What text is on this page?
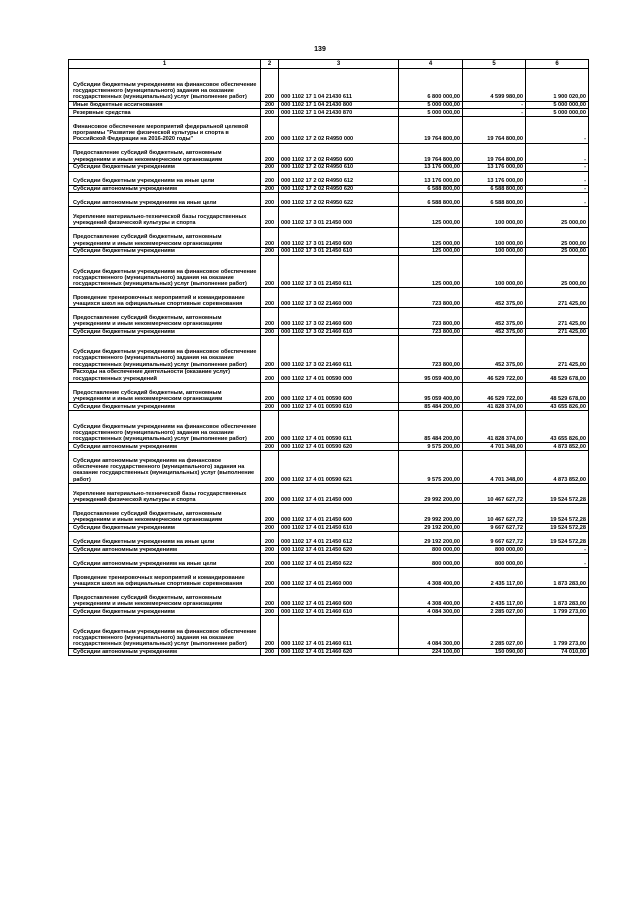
139
1	2	3	4	5	6
Субсидии бюджетным учреждениям на финансовое обеспечение государственного (муниципального) задания на оказание государственных (муниципальных) услуг (выполнение работ)	200	000 1102 17 1 04 21430 611	6 800 000,00	4 599 980,00	1 900 020,00
Иные бюджетные ассигнования	200	000 1102 17 1 04 21430 800	5 000 000,00	-	5 000 000,00
Резервные средства	200	000 1102 17 1 04 21430 870	5 000 000,00	-	5 000 000,00
Финансовое обеспечение мероприятий федеральной целевой программы "Развитие физической культуры и спорта в Российской Федерации на 2016-2020 годы"	200	000 1102 17 2 02 R4950 000	19 764 800,00	19 764 800,00	-
Предоставление субсидий бюджетным, автономным учреждениям и иным некоммерческим организациям	200	000 1102 17 2 02 R4950 600	19 764 800,00	19 764 800,00	-
Субсидии бюджетным учреждениям	200	000 1102 17 2 02 R4950 610	13 176 000,00	13 176 000,00	-
Субсидии бюджетным учреждениям на иные цели	200	000 1102 17 2 02 R4950 612	13 176 000,00	13 176 000,00	-
Субсидии автономным учреждениям	200	000 1102 17 2 02 R4950 620	6 588 800,00	6 588 800,00	-
Субсидии автономным учреждениям на иные цели	200	000 1102 17 2 02 R4950 622	6 588 800,00	6 588 800,00	-
Укрепление материально-технической базы государственных учреждений физической культуры и спорта	200	000 1102 17 3 01 21450 000	125 000,00	100 000,00	25 000,00
Предоставление субсидий бюджетным, автономным учреждениям и иным некоммерческим организациям	200	000 1102 17 3 01 21450 600	125 000,00	100 000,00	25 000,00
Субсидии бюджетным учреждениям	200	000 1102 17 3 01 21450 610	125 000,00	100 000,00	25 000,00
Субсидии бюджетным учреждениям на финансовое обеспечение государственного (муниципального) задания на оказание государственных (муниципальных) услуг (выполнение работ)	200	000 1102 17 3 01 21450 611	125 000,00	100 000,00	25 000,00
Проведение тренировочных мероприятий и командирование учащихся школ на официальные спортивные соревнования	200	000 1102 17 3 02 21460 000	723 800,00	452 375,00	271 425,00
Предоставление субсидий бюджетным, автономным учреждениям и иным некоммерческим организациям	200	000 1102 17 3 02 21460 600	723 800,00	452 375,00	271 425,00
Субсидии бюджетным учреждениям	200	000 1102 17 3 02 21460 610	723 800,00	452 375,00	271 425,00
Субсидии бюджетным учреждениям на финансовое обеспечение государственного (муниципального) задания на оказание государственных (муниципальных) услуг (выполнение работ)	200	000 1102 17 3 02 21460 611	723 800,00	452 375,00	271 425,00
Расходы на обеспечение деятельности (оказание услуг) государственных учреждений	200	000 1102 17 4 01 00590 000	95 059 400,00	46 529 722,00	48 529 678,00
Предоставление субсидий бюджетным, автономным учреждениям и иным некоммерческим организациям	200	000 1102 17 4 01 00590 600	95 059 400,00	46 529 722,00	48 529 678,00
Субсидии бюджетным учреждениям	200	000 1102 17 4 01 00590 610	85 484 200,00	41 828 374,00	43 655 826,00
Субсидии бюджетным учреждениям на финансовое обеспечение государственного (муниципального) задания на оказание государственных (муниципальных) услуг (выполнение работ)	200	000 1102 17 4 01 00590 611	85 484 200,00	41 828 374,00	43 655 826,00
Субсидии автономным учреждениям	200	000 1102 17 4 01 00590 620	9 575 200,00	4 701 348,00	4 873 852,00
Субсидии автономным учреждениям на финансовое обеспечение государственного (муниципального) задания на оказание государственных (муниципальных) услуг (выполнение работ)	200	000 1102 17 4 01 00590 621	9 575 200,00	4 701 348,00	4 873 852,00
Укрепление материально-технической базы государственных учреждений физической культуры и спорта	200	000 1102 17 4 01 21450 000	29 992 200,00	10 467 627,72	19 524 572,28
Предоставление субсидий бюджетным, автономным учреждениям и иным некоммерческим организациям	200	000 1102 17 4 01 21450 600	29 992 200,00	10 467 627,72	19 524 572,28
Субсидии бюджетным учреждениям	200	000 1102 17 4 01 21450 610	29 192 200,00	9 667 627,72	19 524 572,28
Субсидии бюджетным учреждениям на иные цели	200	000 1102 17 4 01 21450 612	29 192 200,00	9 667 627,72	19 524 572,28
Субсидии автономным учреждениям	200	000 1102 17 4 01 21450 620	800 000,00	800 000,00	-
Субсидии автономным учреждениям на иные цели	200	000 1102 17 4 01 21450 622	800 000,00	800 000,00	-
Проведение тренировочных мероприятий и командирование учащихся школ на официальные спортивные соревнования	200	000 1102 17 4 01 21460 000	4 308 400,00	2 435 117,00	1 873 283,00
Предоставление субсидий бюджетным, автономным учреждениям и иным некоммерческим организациям	200	000 1102 17 4 01 21460 600	4 308 400,00	2 435 117,00	1 873 283,00
Субсидии бюджетным учреждениям	200	000 1102 17 4 01 21460 610	4 084 300,00	2 285 027,00	1 799 273,00
Субсидии бюджетным учреждениям на финансовое обеспечение государственного (муниципального) задания на оказание государственных (муниципальных) услуг (выполнение работ)	200	000 1102 17 4 01 21460 611	4 084 300,00	2 285 027,00	1 799 273,00
Субсидии автономным учреждениям	200	000 1102 17 4 01 21460 620	224 100,00	150 090,00	74 010,00
